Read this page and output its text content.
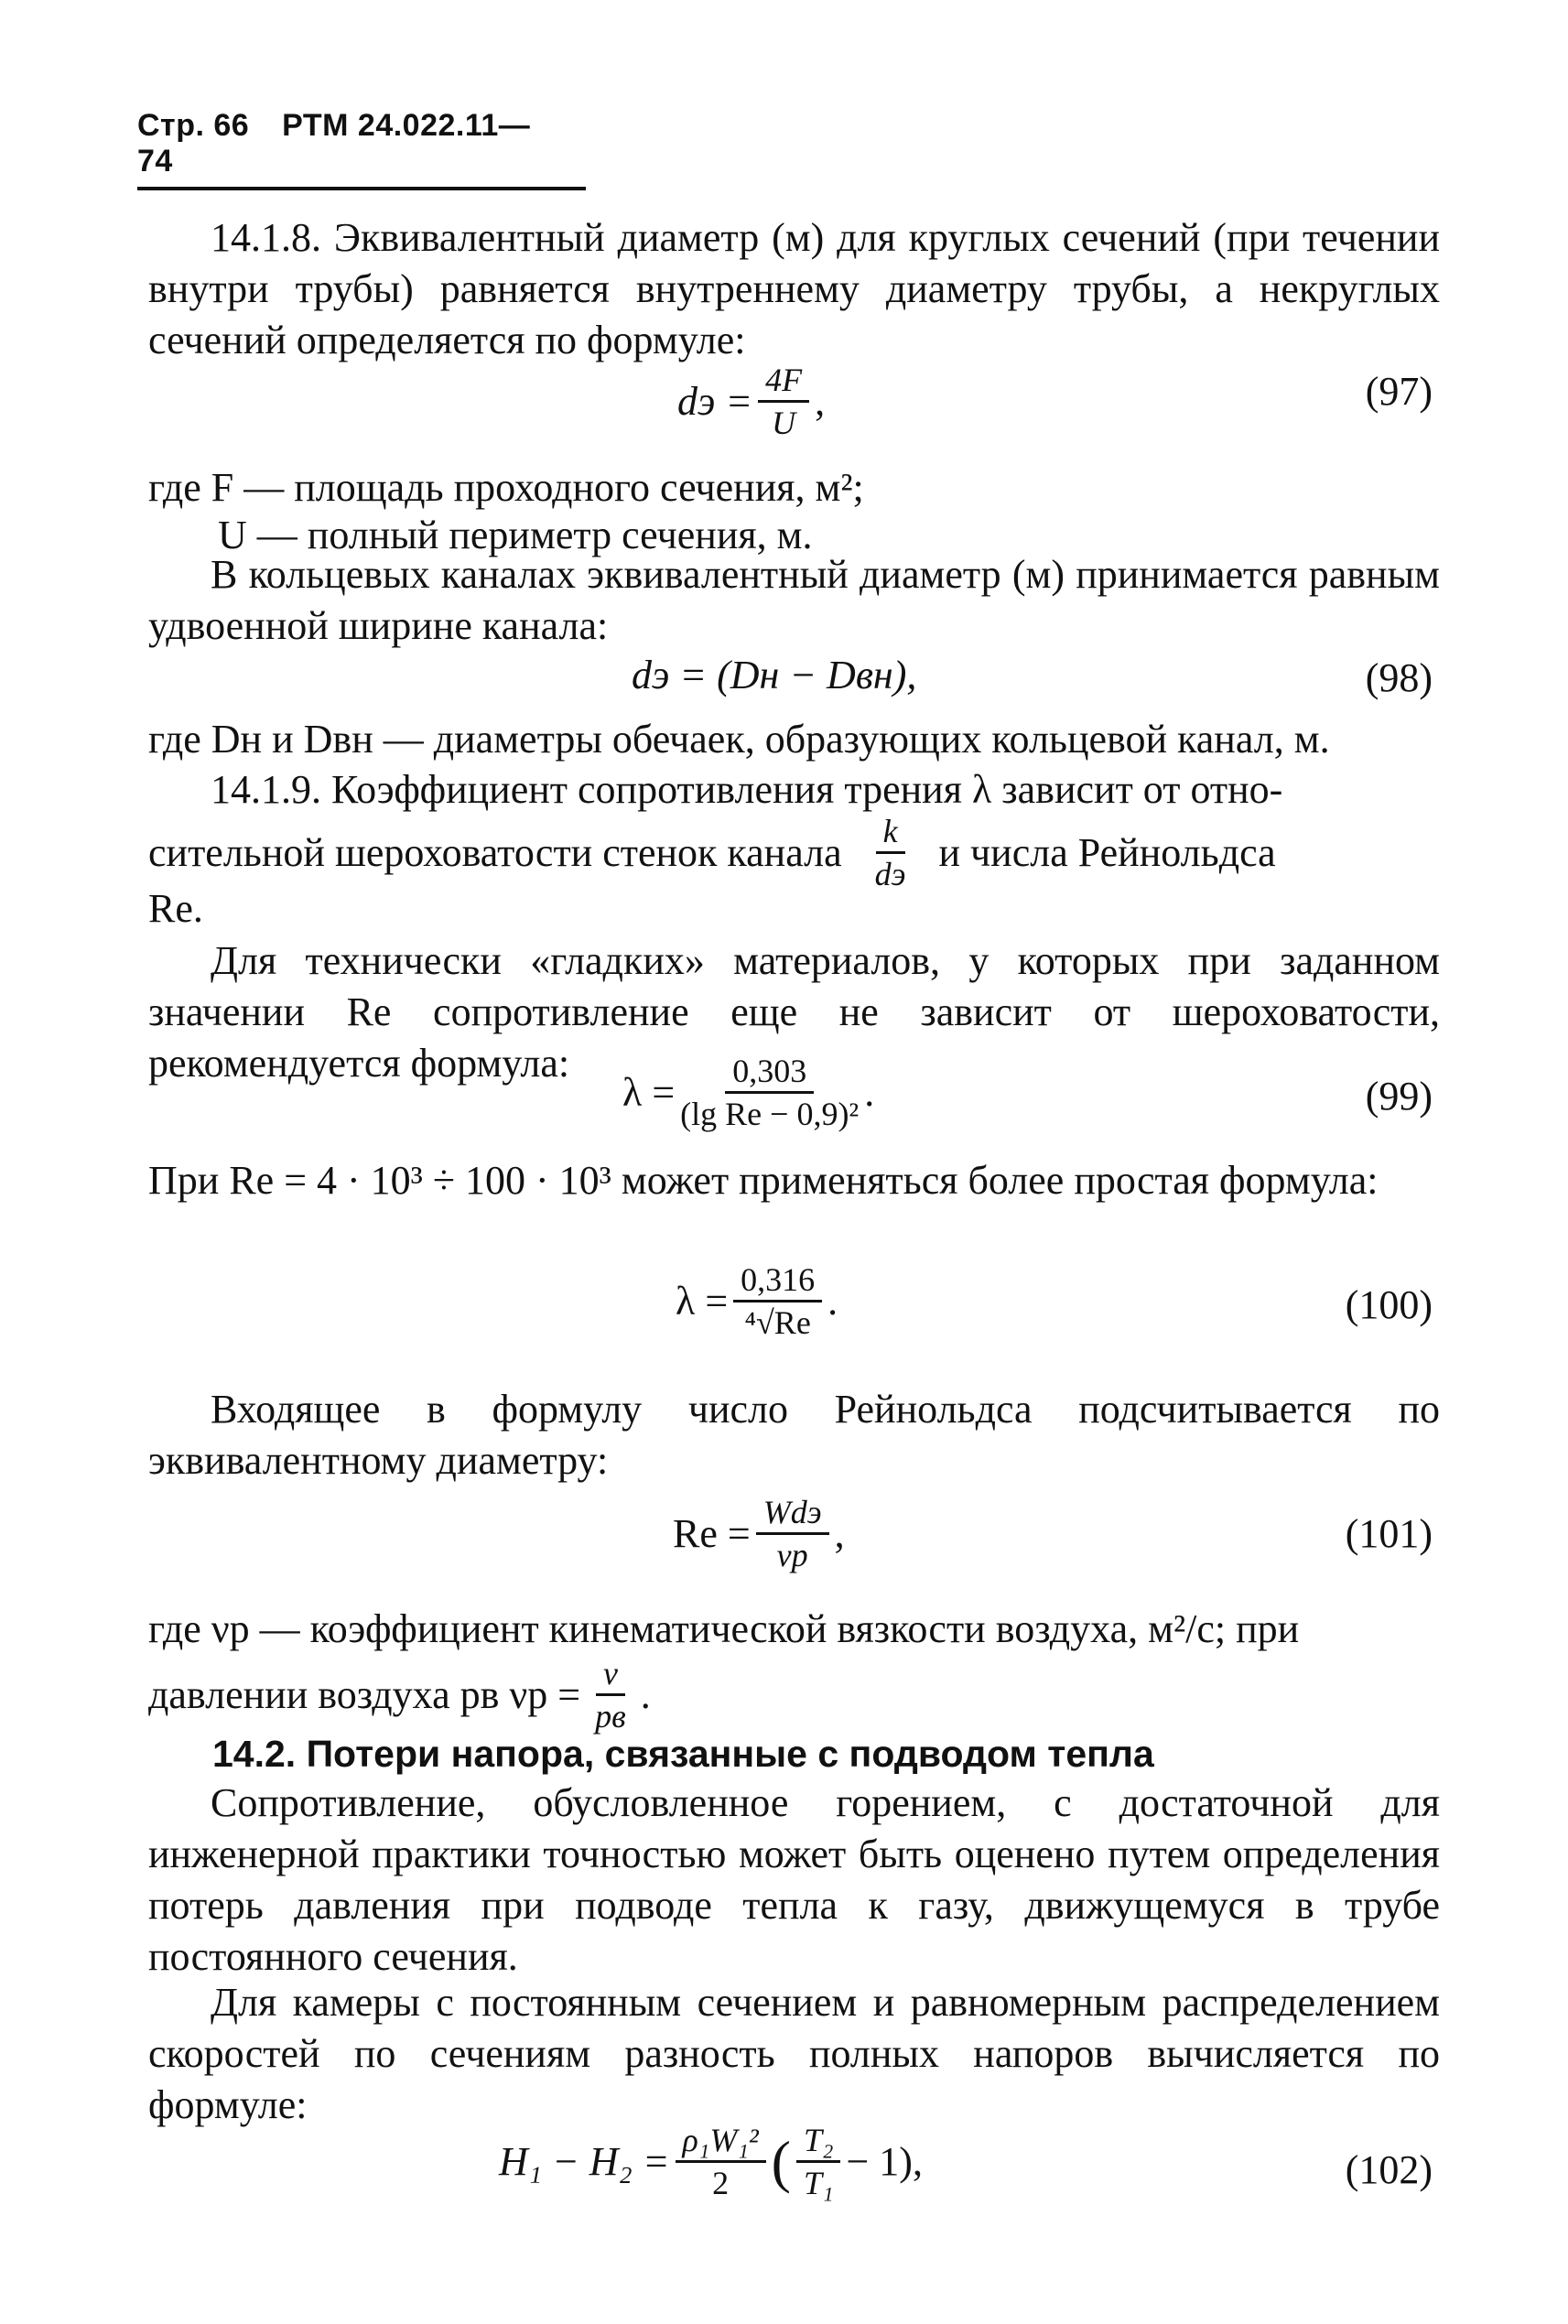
Стр. 66 РТМ 24.022.11—74
14.1.8. Эквивалентный диаметр (м) для круглых сечений (при течении внутри трубы) равняется внутреннему диаметру трубы, а некруглых сечений определяется по формуле:
dэ = $\frac{4F}{U}$ ,	(97)
где F — площадь проходного сечения, м²;
U — полный периметр сечения, м.
В кольцевых каналах эквивалентный диаметр (м) принимается равным удвоенной ширине канала:
dэ = (Dн − Dвн),	(98)
где Dн и Dвн — диаметры обечаек, образующих кольцевой канал, м.
14.1.9. Коэффициент сопротивления трения λ зависит от отно-
сительной шероховатости стенок канала $\frac{k}{dэ}$ и числа Рейнольдса
Re.
Для технически «гладких» материалов, у которых при заданном значении Re сопротивление еще не зависит от шероховатости, рекомендуется формула:
$\lambda = \frac{0,303}{\text{(lg Re − 0,9)²}}$ .	(99)
При Re = 4 · 10³ ÷ 100 · 10³ может применяться более простая формула:
$\lambda = \frac{0,316}{\text{⁴√Re}}$ .	(100)
Входящее в формулу число Рейнольдса подсчитывается по эквивалентному диаметру:
$Re = \frac{\text{Wdэ}}{\nu р}$ ,	(101)
где νр — коэффициент кинематической вязкости воздуха, м²/с; при
давлении воздуха pв $\nu р = \frac{\nu}{pв}$ .
14.2. Потери напора, связанные с подводом тепла
Сопротивление, обусловленное горением, с достаточной для инженерной практики точностью может быть оценено путем определения потерь давления при подводе тепла к газу, движущемуся в трубе постоянного сечения.
Для камеры с постоянным сечением и равномерным распределением скоростей по сечениям разность полных напоров вычисляется по формуле:
$H_1 - H_2 = \frac{\text{ρ₁W₁²}}{2}$ ( $\frac{\text{T₂}}{\text{T₁}} - 1$),	(102)
